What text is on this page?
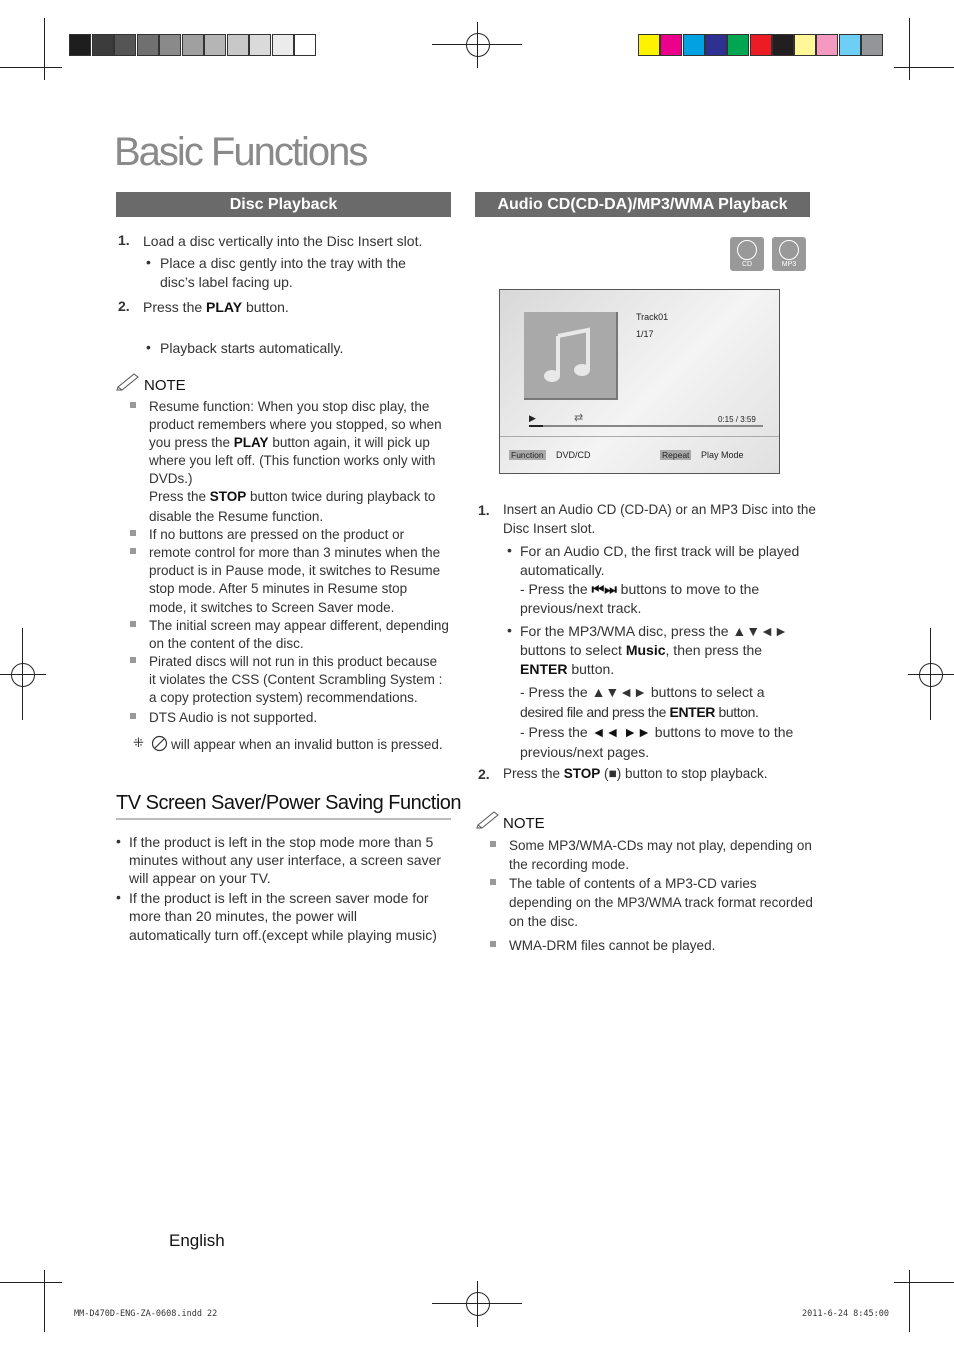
Basic Functions
Disc Playback
1. Load a disc vertically into the Disc Insert slot.
• Place a disc gently into the tray with the
disc’s label facing up.
2. Press the PLAY button.
• Playback starts automatically.
NOTE
Resume function: When you stop disc play, the
product remembers where you stopped, so when
you press the PLAY button again, it will pick up
where you left off. (This function works only with
DVDs.)
Press the STOP button twice during playback to
disable the Resume function.
If no buttons are pressed on the product or
remote control for more than 3 minutes when the
product is in Pause mode, it switches to Resume
stop mode. After 5 minutes in Resume stop
mode, it switches to Screen Saver mode.
The initial screen may appear different, depending
on the content of the disc.
Pirated discs will not run in this product because
it violates the CSS (Content Scrambling System :
a copy protection system) recommendations.
DTS Audio is not supported.
⁜ will appear when an invalid button is pressed.
TV Screen Saver/Power Saving Function
• If the product is left in the stop mode more than 5
minutes without any user interface, a screen saver
will appear on your TV.
• If the product is left in the screen saver mode for
more than 20 minutes, the power will
automatically turn off.(except while playing music)
Audio CD(CD-DA)/MP3/WMA Playback
CD	MP3
Track01
1/17
▶	⇄	0:15 / 3:59
Function DVD/CD	Repeat Play Mode
1. Insert an Audio CD (CD-DA) or an MP3 Disc into the
Disc Insert slot.
• For an Audio CD, the first track will be played
automatically.
- Press the ⏮⏭ buttons to move to the
previous/next track.
• For the MP3/WMA disc, press the ▲▼◄►
buttons to select Music, then press the
ENTER button.
- Press the ▲▼◄► buttons to select a
desired file and press the ENTER button.
- Press the ◄◄ ►► buttons to move to the
previous/next pages.
2. Press the STOP (■) button to stop playback.
NOTE
Some MP3/WMA-CDs may not play, depending on
the recording mode.
The table of contents of a MP3-CD varies
depending on the MP3/WMA track format recorded
on the disc.
WMA-DRM files cannot be played.
English
MM-D470D-ENG-ZA-0608.indd 22	2011-6-24 8:45:00
